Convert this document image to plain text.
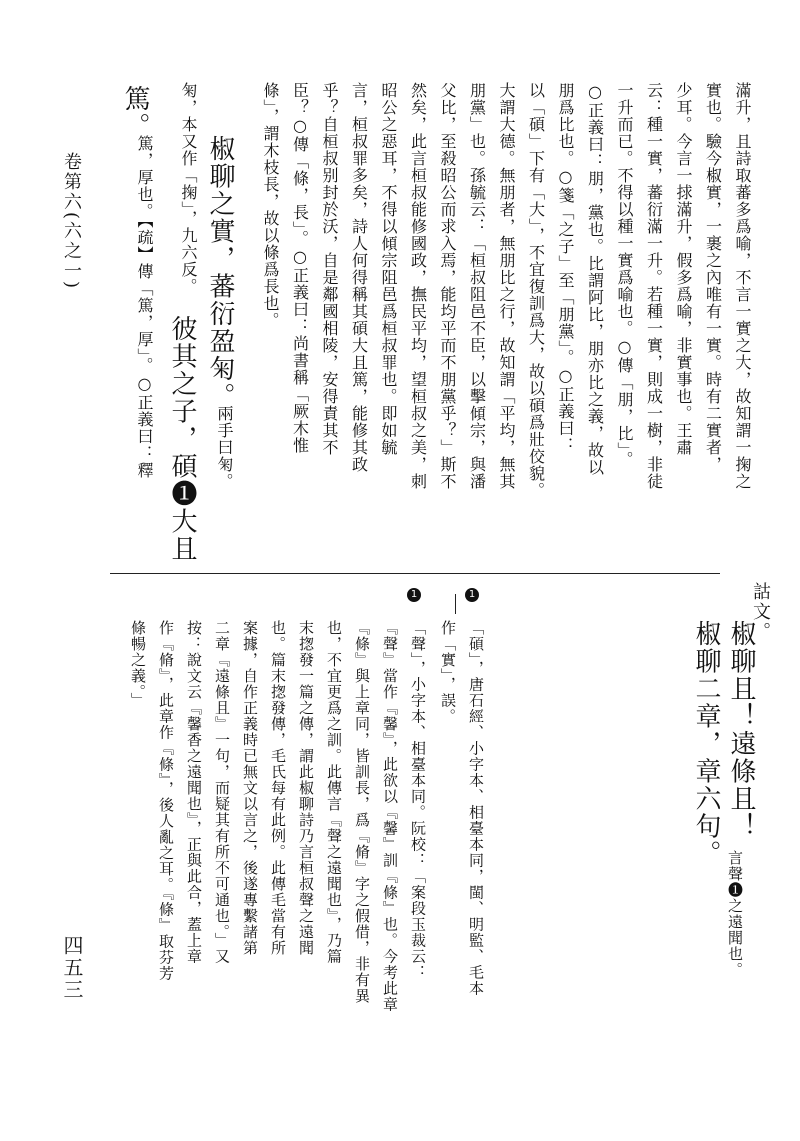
卷第六(六之一)
四五三
滿升，且詩取蕃多爲喻，不言一實之大，故知謂一掬之
實也。驗今椒實，一裹之內唯有一實。時有二實者，
少耳。今言一捄滿升，假多爲喻，非實事也。王肅
云：種一實，蕃衍滿一升。若種一實，則成一樹，非徒
一升而已。不得以種一實爲喻也。○傳「朋，比」。
○正義曰：朋，黨也。比謂阿比，朋亦比之義，故以
朋爲比也。○箋「之子」至「朋黨」。○正義曰：
以「碩」下有「大」，不宜復訓爲大，故以碩爲壯佼貌。
大謂大德。無朋者，無朋比之行，故知謂「平均，無其
朋黨」也。孫毓云：「桓叔阻邑不臣，以擊傾宗，與潘
父比，至殺昭公而求入焉，能均平而不朋黨乎？」斯不
然矣，此言桓叔能修國政，撫民平均，望桓叔之美，刺
昭公之惡耳，不得以傾宗阻邑爲桓叔罪也。即如毓
言，桓叔罪多矣，詩人何得稱其碩大且篤，能修其政
乎？自桓叔别封於沃，自是鄰國相陵，安得責其不
臣？○傳「條，長」。○正義曰：尚書稱「厥木惟
條」，謂木枝長，故以條爲長也。
椒聊之實，蕃衍盈匊。
兩手曰匊。
匊，本又作「掬」，九六反。
彼其之子，碩❶大且
篤。
篤，厚也。【疏】傳「篤，厚」。○正義曰：釋
詁文。
椒聊且！遠條且！
椒聊二章，章六句。
言聲❶之遠聞也。
1
「碩」，唐石經、小字本、相臺本同，閩、明監、毛本
作「實」，誤。
1
「聲」，小字本、相臺本同。阮校：「案段玉裁云：
『聲』當作『馨』，此欲以『馨』訓『條』也。今考此章
『條』與上章同，皆訓長，爲『脩』字之假借，非有異
也，不宜更爲之訓。此傳言『聲之遠聞也』，乃篇
末揔發一篇之傳，謂此椒聊詩乃言桓叔聲之遠聞
也。篇末揔發傳，毛氏每有此例。此傳毛當有所
案據，自作正義時已無文以言之，後遂專繫諸第
二章『遠條且』一句，而疑其有所不可通也。」又
按：說文云『馨香之遠聞也』，正與此合，蓋上章
作『脩』，此章作『條』，後人亂之耳。『條』取芬芳
條暢之義。」
